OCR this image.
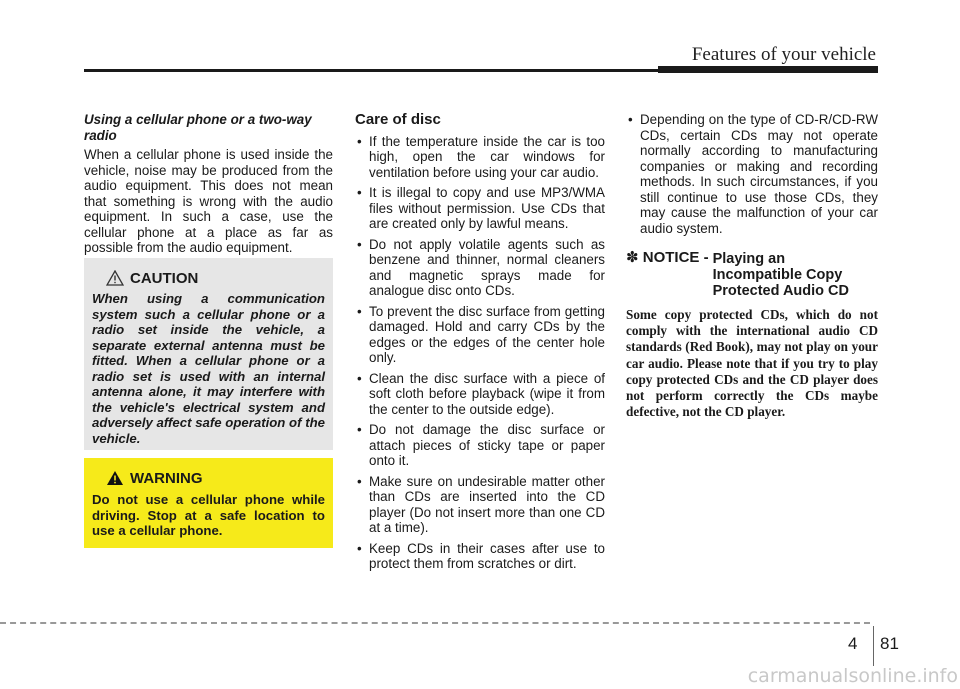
Features of your vehicle

Using a cellular phone or a two-way radio

When a cellular phone is used inside the vehicle, noise may be produced from the audio equipment. This does not mean that something is wrong with the audio equipment. In such a case, use the cellular phone at a place as far as possible from the audio equipment.

CAUTION
When using a communication system such a cellular phone or a radio set inside the vehicle, a separate external antenna must be fitted. When a cellular phone or a radio set is used with an internal antenna alone, it may interfere with the vehicle's electrical system and adversely affect safe operation of the vehicle.
WARNING
Do not use a cellular phone while driving. Stop at a safe location to use a cellular phone.

Care of disc

• If the temperature inside the car is too high, open the car windows for ventilation before using your car audio.
• It is illegal to copy and use MP3/WMA files without permission. Use CDs that are created only by lawful means.
• Do not apply volatile agents such as benzene and thinner, normal cleaners and magnetic sprays made for analogue disc onto CDs.
• To prevent the disc surface from getting damaged. Hold and carry CDs by the edges or the edges of the center hole only.
• Clean the disc surface with a piece of soft cloth before playback (wipe it from the center to the outside edge).
• Do not damage the disc surface or attach pieces of sticky tape or paper onto it.
• Make sure on undesirable matter other than CDs are inserted into the CD player (Do not insert more than one CD at a time).
• Keep CDs in their cases after use to protect them from scratches or dirt.
• Depending on the type of CD-R/CD-RW CDs, certain CDs may not operate normally according to manufacturing companies or making and recording methods. In such circumstances, if you still continue to use those CDs, they may cause the malfunction of your car audio system.
✽ NOTICE - Playing an Incompatible Copy Protected Audio CD
Some copy protected CDs, which do not comply with the international audio CD standards (Red Book), may not play on your car audio. Please note that if you try to play copy protected CDs and the CD player does not perform correctly the CDs maybe defective, not the CD player.
4 81
carmanualsonline.info
